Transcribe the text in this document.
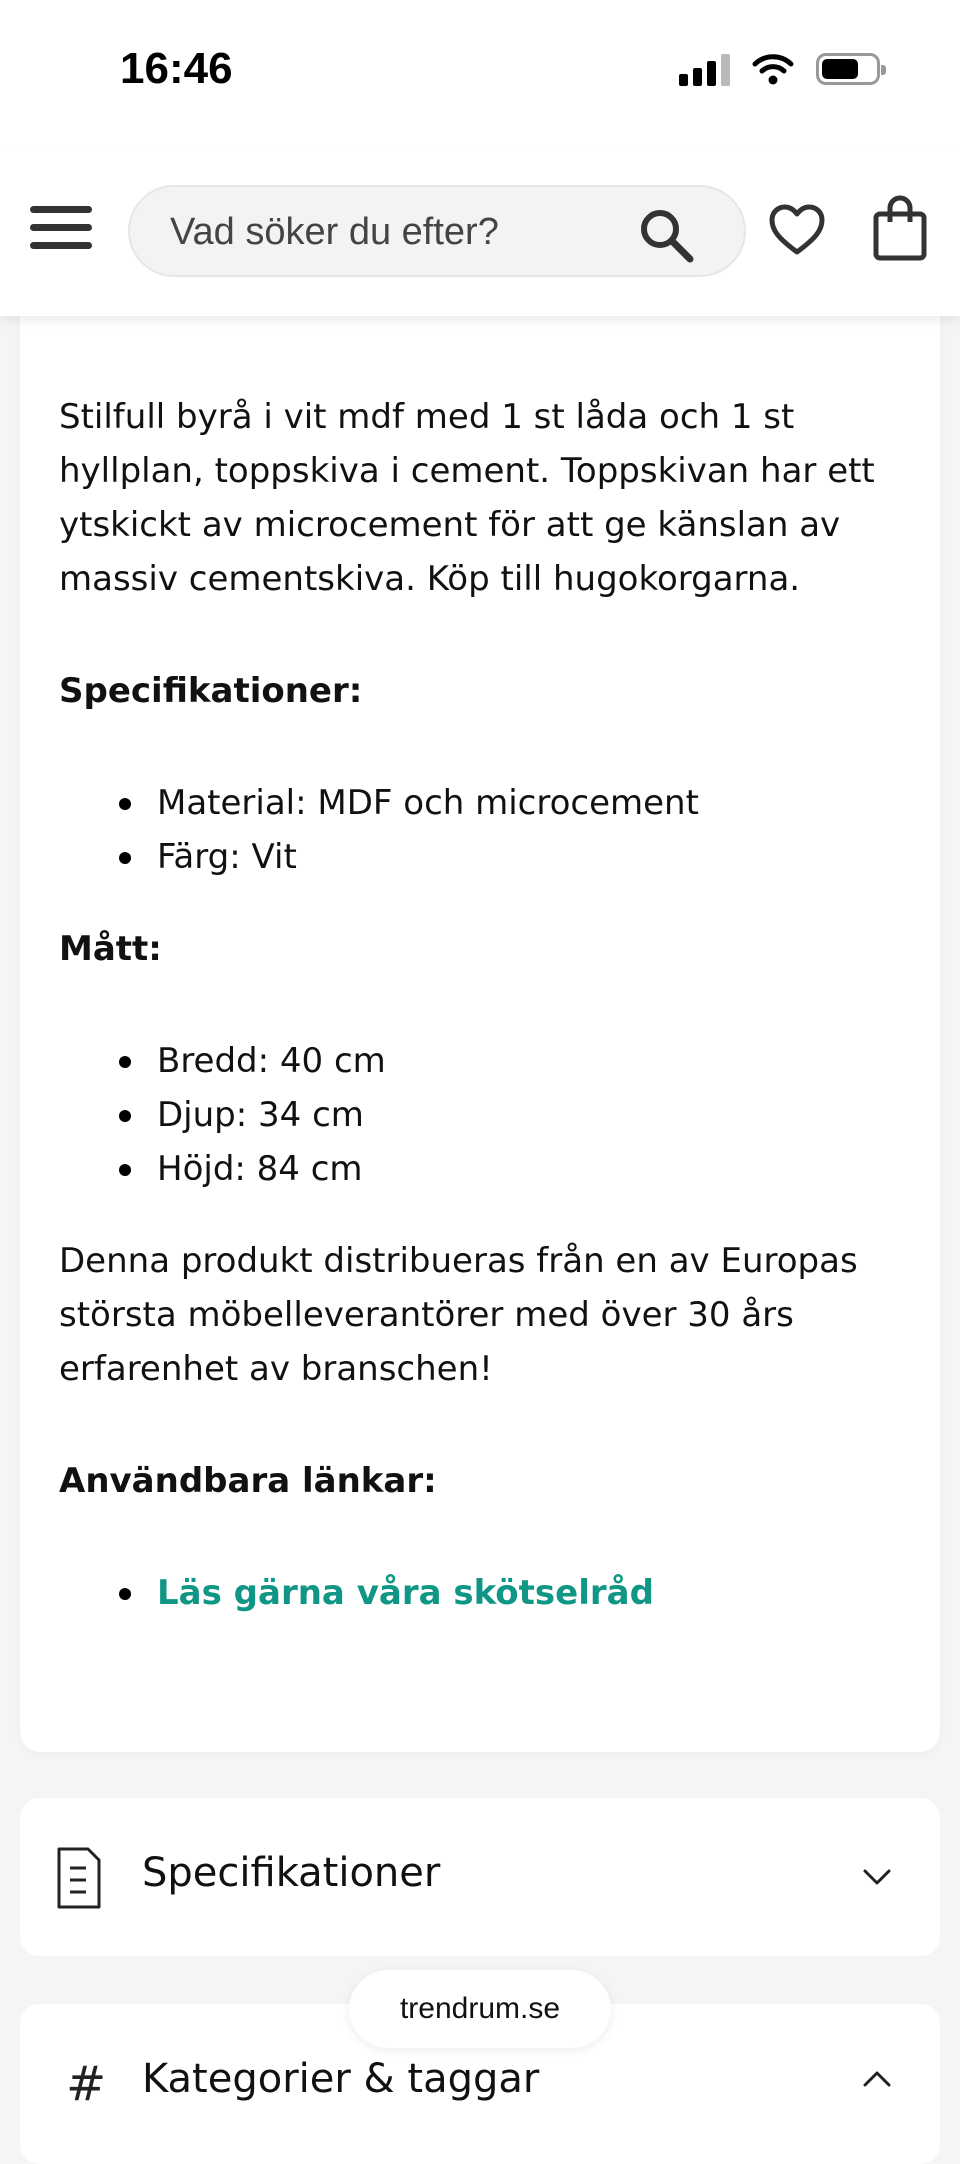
16:46
Vad söker du efter?

Stilfull byrå i vit mdf med 1 st låda och 1 st hyllplan, toppskiva i cement. Toppskivan har ett ytskickt av microcement för att ge känslan av massiv cementskiva. Köp till hugokorgarna.

Specifikationer:

Material: MDF och microcement
Färg: Vit

Mått:

Bredd: 40 cm
Djup: 34 cm
Höjd: 84 cm

Denna produkt distribueras från en av Europas största möbelleverantörer med över 30 års erfarenhet av branschen!

Användbara länkar:

Läs gärna våra skötselråd
Specifikationer
# Kategorier & taggar
trendrum.se
